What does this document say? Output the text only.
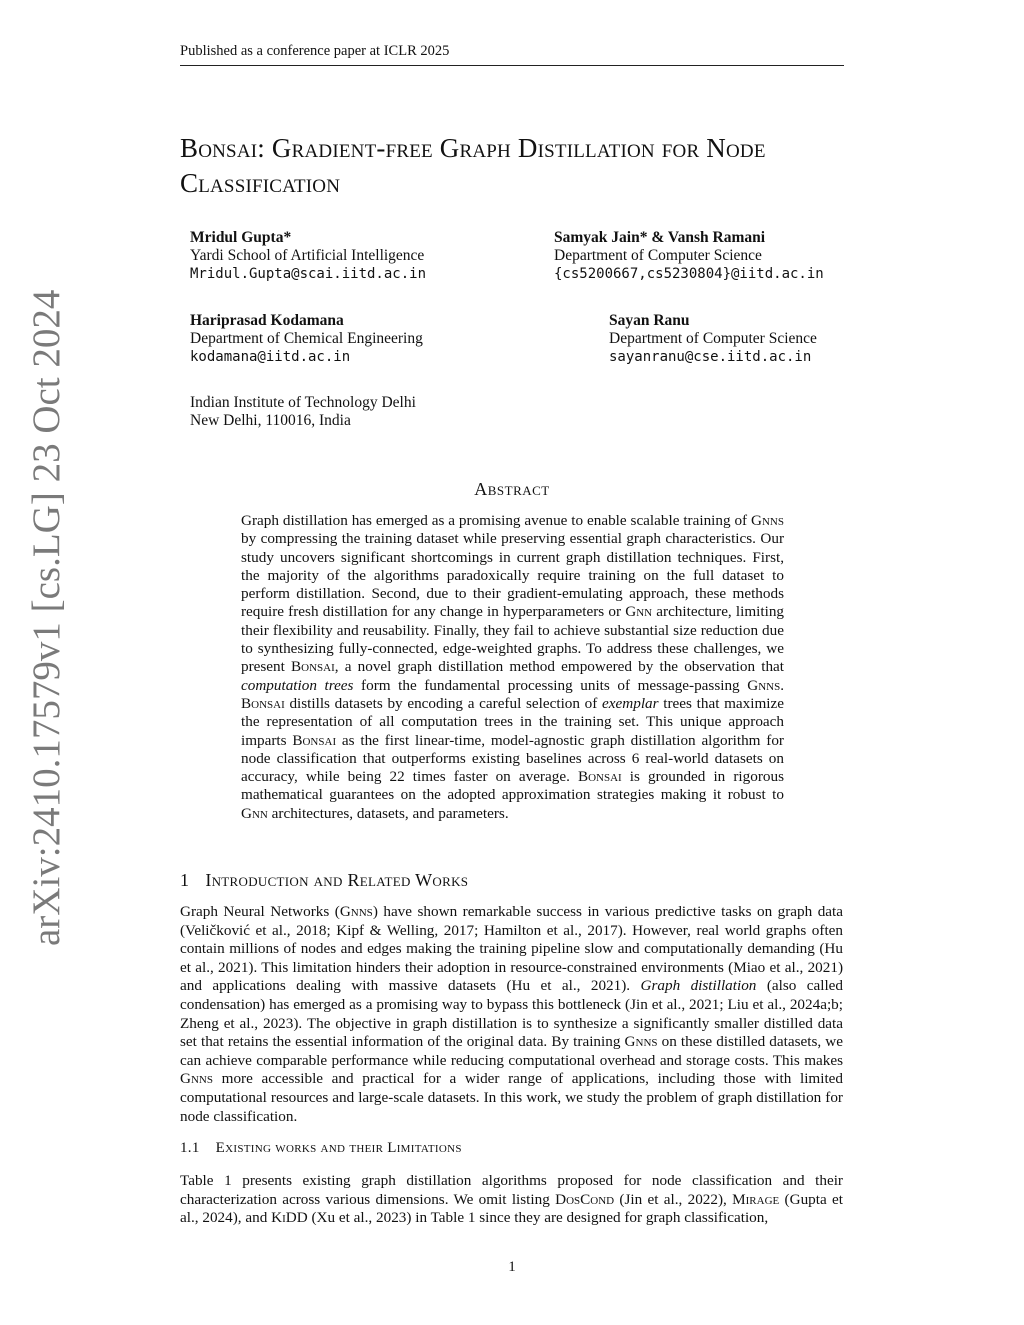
Published as a conference paper at ICLR 2025
arXiv:2410.17579v1 [cs.LG] 23 Oct 2024
Bonsai: Gradient-free Graph Distillation for Node
Classification
Mridul Gupta*
Yardi School of Artificial Intelligence
Mridul.Gupta@scai.iitd.ac.in
Samyak Jain* & Vansh Ramani
Department of Computer Science
{cs5200667,cs5230804}@iitd.ac.in
Hariprasad Kodamana
Department of Chemical Engineering
kodamana@iitd.ac.in
Sayan Ranu
Department of Computer Science
sayanranu@cse.iitd.ac.in
Indian Institute of Technology Delhi
New Delhi, 110016, India
Abstract
Graph distillation has emerged as a promising avenue to enable scalable training of Gnns by compressing the training dataset while preserving essential graph characteristics. Our study uncovers significant shortcomings in current graph distillation techniques. First, the majority of the algorithms paradoxically require training on the full dataset to perform distillation. Second, due to their gradient-emulating approach, these methods require fresh distillation for any change in hyperparameters or Gnn architecture, limiting their flexibility and reusability. Finally, they fail to achieve substantial size reduction due to synthesizing fully-connected, edge-weighted graphs. To address these challenges, we present Bonsai, a novel graph distillation method empowered by the observation that computation trees form the fundamental processing units of message-passing Gnns. Bonsai distills datasets by encoding a careful selection of exemplar trees that maximize the representation of all computation trees in the training set. This unique approach imparts Bonsai as the first linear-time, model-agnostic graph distillation algorithm for node classification that outperforms existing baselines across 6 real-world datasets on accuracy, while being 22 times faster on average. Bonsai is grounded in rigorous mathematical guarantees on the adopted approximation strategies making it robust to Gnn architectures, datasets, and parameters.
1 Introduction and Related Works
Graph Neural Networks (Gnns) have shown remarkable success in various predictive tasks on graph data (Veličković et al., 2018; Kipf & Welling, 2017; Hamilton et al., 2017). However, real world graphs often contain millions of nodes and edges making the training pipeline slow and computationally demanding (Hu et al., 2021). This limitation hinders their adoption in resource-constrained environments (Miao et al., 2021) and applications dealing with massive datasets (Hu et al., 2021). Graph distillation (also called condensation) has emerged as a promising way to bypass this bottleneck (Jin et al., 2021; Liu et al., 2024a;b; Zheng et al., 2023). The objective in graph distillation is to synthesize a significantly smaller distilled data set that retains the essential information of the original data. By training Gnns on these distilled datasets, we can achieve comparable performance while reducing computational overhead and storage costs. This makes Gnns more accessible and practical for a wider range of applications, including those with limited computational resources and large-scale datasets. In this work, we study the problem of graph distillation for node classification.
1.1 Existing works and their Limitations
Table 1 presents existing graph distillation algorithms proposed for node classification and their characterization across various dimensions. We omit listing DosCond (Jin et al., 2022), Mirage (Gupta et al., 2024), and KiDD (Xu et al., 2023) in Table 1 since they are designed for graph classification,
1
